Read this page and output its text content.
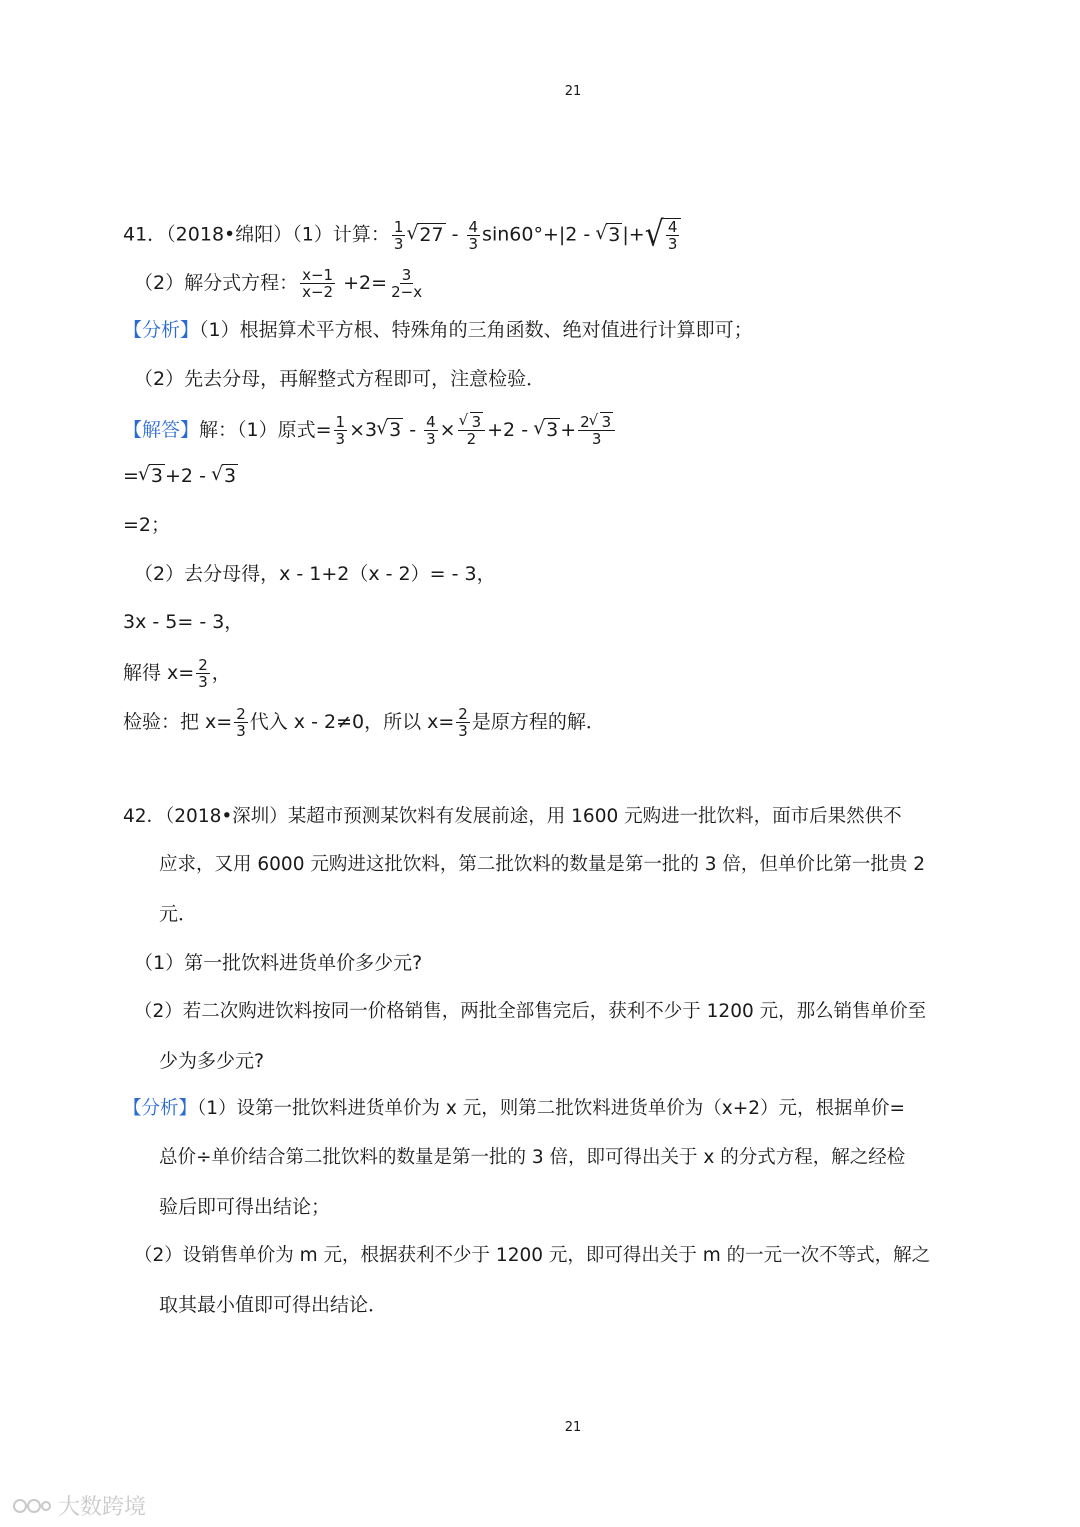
21
41．（2018•绵阳）（1）计算： $\frac{1}{3}$ √ $27 - \frac{4}{3} \sin 60^\circ+|2$ - √ 3 |+ √ $\frac{4}{3}$
（2）解分式方程： $\frac{x-1}{x-2} +2= \frac{3}{2-x}$
【分析】（1）根据算术平方根、特殊角的三角函数、绝对值进行计算即可；
（2）先去分母，再解整式方程即可，注意检验．
【解答】解：（1）原式= $\frac{1}{3} \times 3$ √ $3 - \frac{4}{3}$ × √ $\frac{3}{2} +2$ - √ $3 + \frac{2 √ 3}{3}$
= √ 3 +2 - √ 3
=2；
（2）去分母得，x - 1+2（x - 2）= - 3，
3x - 5= - 3，
解得 $x= \frac{2}{3}$ ，
检验：把 $x= \frac{2}{3}$ 代入 x - 2≠0，所以 $x= \frac{2}{3}$ 是原方程的解．
42．（2018•深圳）某超市预测某饮料有发展前途，用 1600 元购进一批饮料，面市后果然供不
应求，又用 6000 元购进这批饮料，第二批饮料的数量是第一批的 3 倍，但单价比第一批贵 2
元．
（1）第一批饮料进货单价多少元?
（2）若二次购进饮料按同一价格销售，两批全部售完后，获利不少于 1200 元，那么销售单价至
少为多少元?
【分析】（1）设第一批饮料进货单价为 x 元，则第二批饮料进货单价为（x+2）元，根据单价=
总价÷单价结合第二批饮料的数量是第一批的 3 倍，即可得出关于 x 的分式方程，解之经检
验后即可得出结论；
（2）设销售单价为 m 元，根据获利不少于 1200 元，即可得出关于 m 的一元一次不等式，解之
取其最小值即可得出结论．
21
大数跨境
